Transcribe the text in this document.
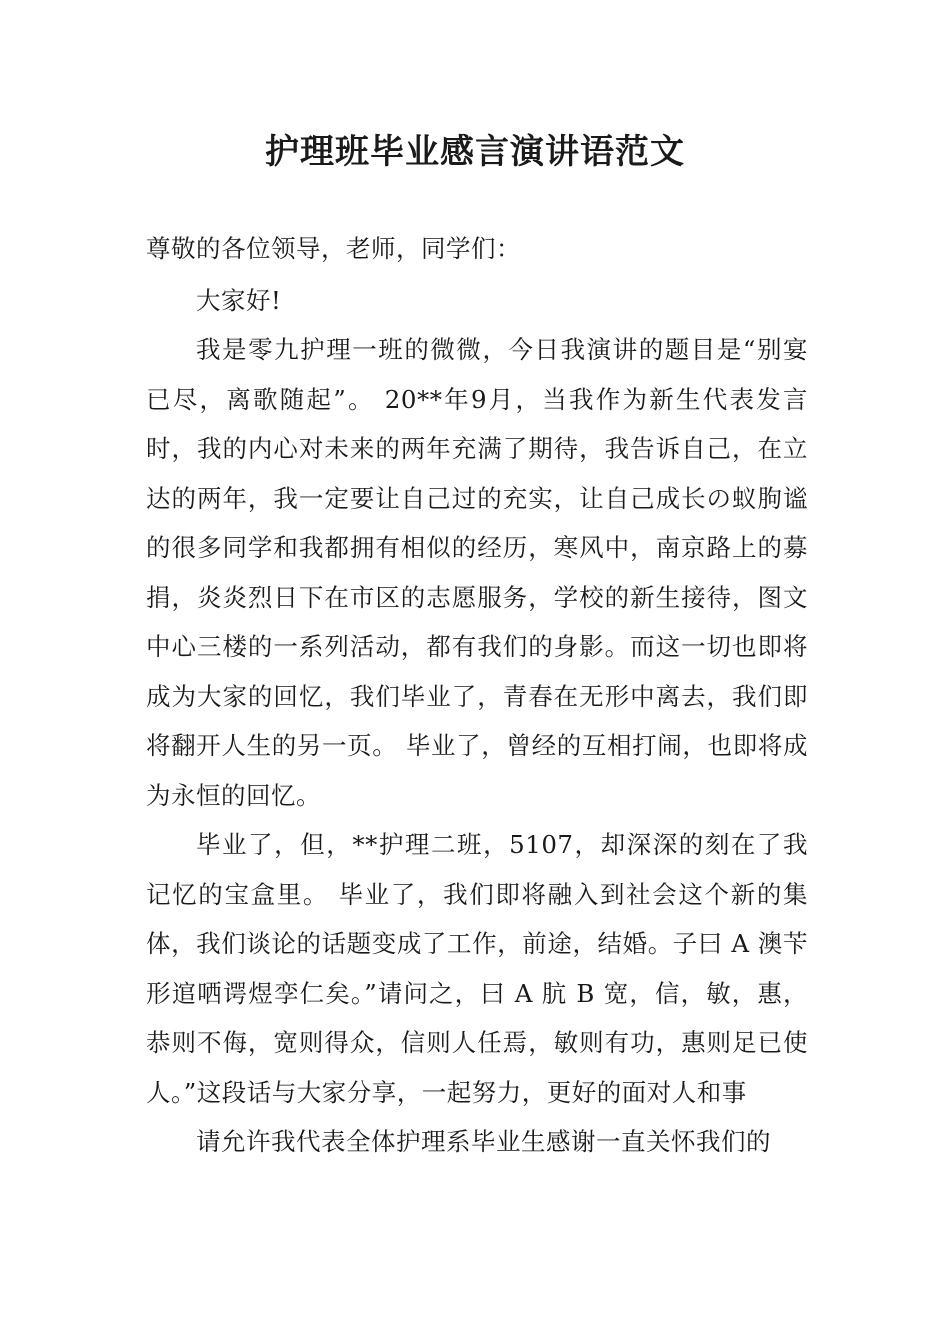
护理班毕业感言演讲语范文

尊敬的各位领导，老师，同学们：

大家好!

我是零九护理一班的微微，今日我演讲的题目是“别宴已尽，离歌随起”。 20**年9月，当我作为新生代表发言时，我的内心对未来的两年充满了期待，我告诉自己，在立达的两年，我一定要让自己过的充实，让自己成长の蚁朐谧的很多同学和我都拥有相似的经历，寒风中，南京路上的募捐，炎炎烈日下在市区的志愿服务，学校的新生接待，图文中心三楼的一系列活动，都有我们的身影。而这一切也即将成为大家的回忆，我们毕业了，青春在无形中离去，我们即将翻开人生的另一页。 毕业了，曾经的互相打闹，也即将成为永恒的回忆。

毕业了，但，**护理二班，5107，却深深的刻在了我记忆的宝盒里。 毕业了，我们即将融入到社会这个新的集体，我们谈论的话题变成了工作，前途，结婚。子曰 A 澳苄形逭哂谔煜孪仁矣。”请问之，曰 A 肮 B 宽，信，敏，惠，恭则不侮，宽则得众，信则人任焉，敏则有功，惠则足已使人。”这段话与大家分享，一起努力，更好的面对人和事

请允许我代表全体护理系毕业生感谢一直关怀我们的
